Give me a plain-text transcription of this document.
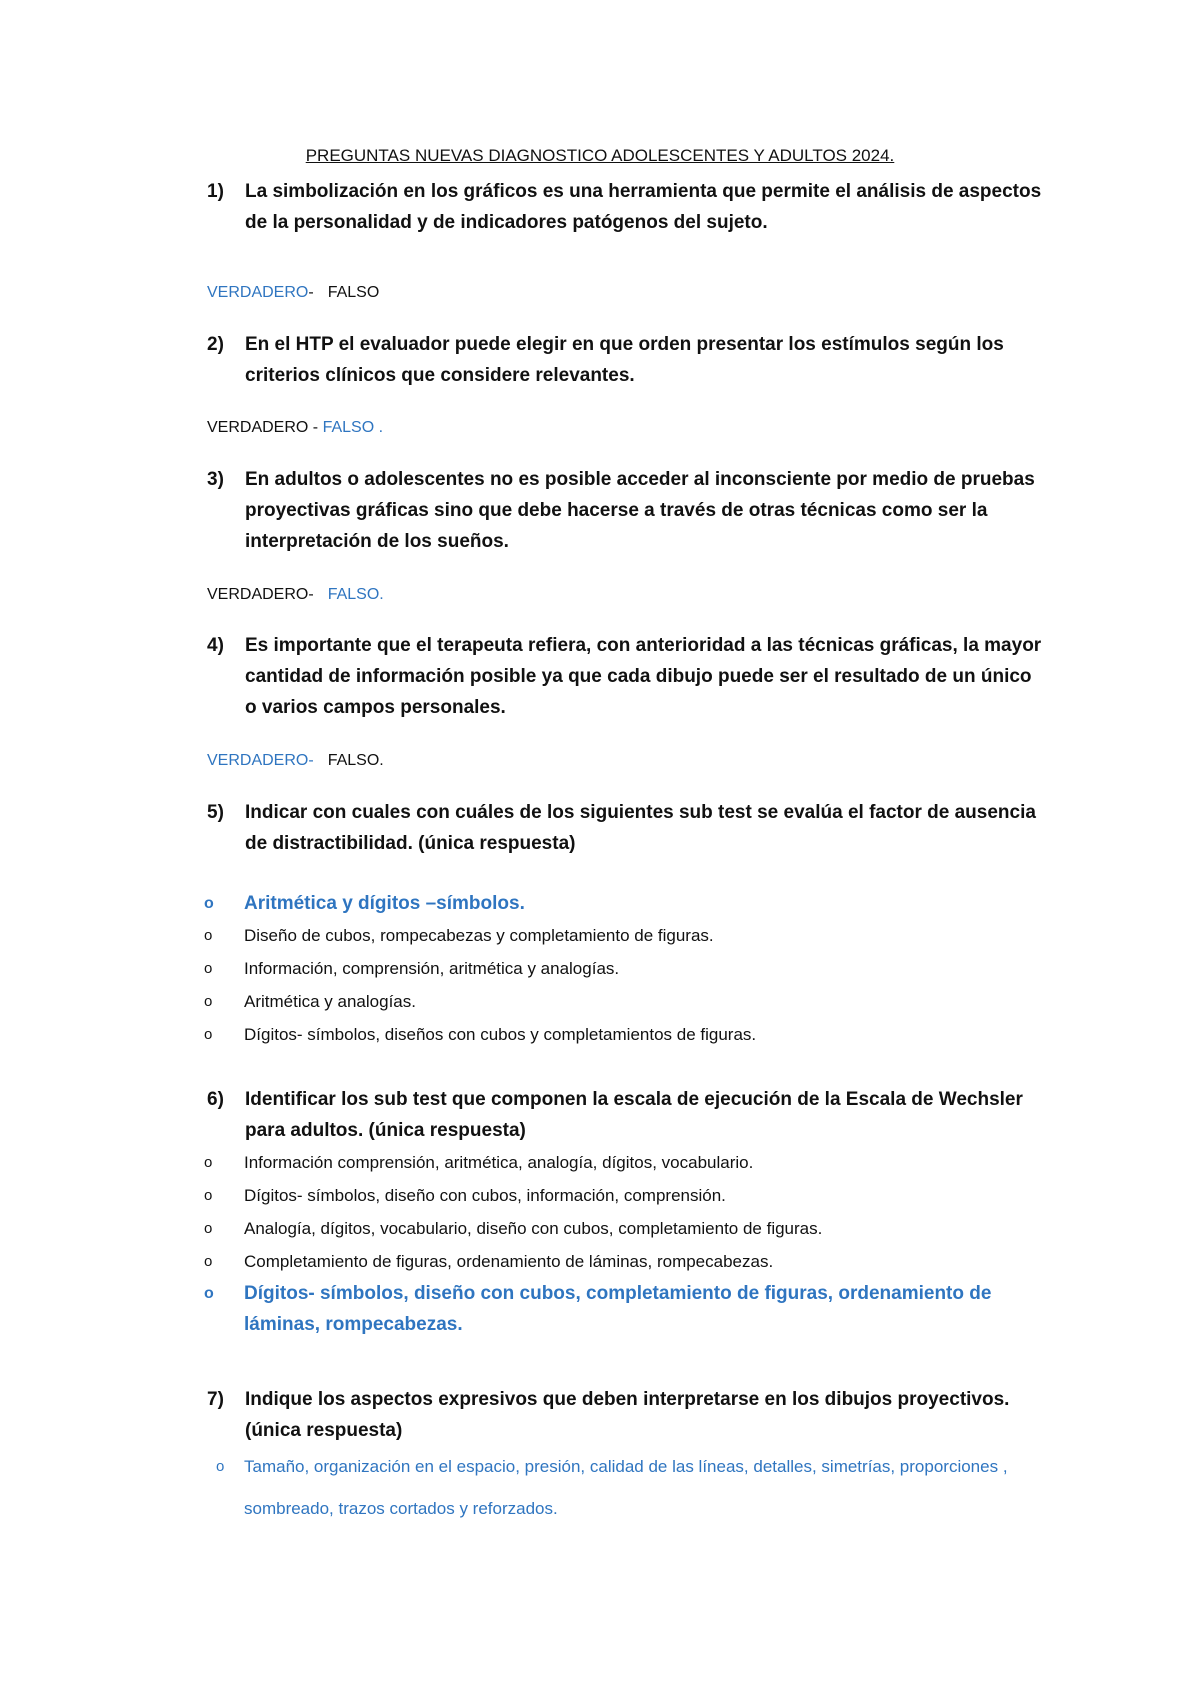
PREGUNTAS NUEVAS DIAGNOSTICO ADOLESCENTES Y ADULTOS 2024.
1)	La simbolización en los gráficos es una herramienta que permite el análisis de aspectos de la personalidad y de indicadores patógenos del sujeto.

VERDADERO- FALSO

2)	En el HTP el evaluador puede elegir en que orden presentar los estímulos según los criterios clínicos que considere relevantes.

VERDADERO - FALSO .

3)	En adultos o adolescentes no es posible acceder al inconsciente por medio de pruebas proyectivas gráficas sino que debe hacerse a través de otras técnicas como ser la interpretación de los sueños.

VERDADERO- FALSO.

4)	Es importante que el terapeuta refiera, con anterioridad a las técnicas gráficas, la mayor cantidad de información posible ya que cada dibujo puede ser el resultado de un único o varios campos personales.

VERDADERO- FALSO.

5)	Indicar con cuales con cuáles de los siguientes sub test se evalúa el factor de ausencia de distractibilidad. (única respuesta)
o Aritmética y dígitos –símbolos.
o Diseño de cubos, rompecabezas y completamiento de figuras.
o Información, comprensión, aritmética y analogías.
o Aritmética y analogías.
o Dígitos- símbolos, diseños con cubos y completamientos de figuras.
6)	Identificar los sub test que componen la escala de ejecución de la Escala de Wechsler para adultos. (única respuesta)
o Información comprensión, aritmética, analogía, dígitos, vocabulario.
o Dígitos- símbolos, diseño con cubos, información, comprensión.
o Analogía, dígitos, vocabulario, diseño con cubos, completamiento de figuras.
o Completamiento de figuras, ordenamiento de láminas, rompecabezas.
o Dígitos- símbolos, diseño con cubos, completamiento de figuras, ordenamiento de láminas, rompecabezas.
7)	Indique los aspectos expresivos que deben interpretarse en los dibujos proyectivos. (única respuesta)
o Tamaño, organización en el espacio, presión, calidad de las líneas, detalles, simetrías, proporciones , sombreado, trazos cortados y reforzados.
